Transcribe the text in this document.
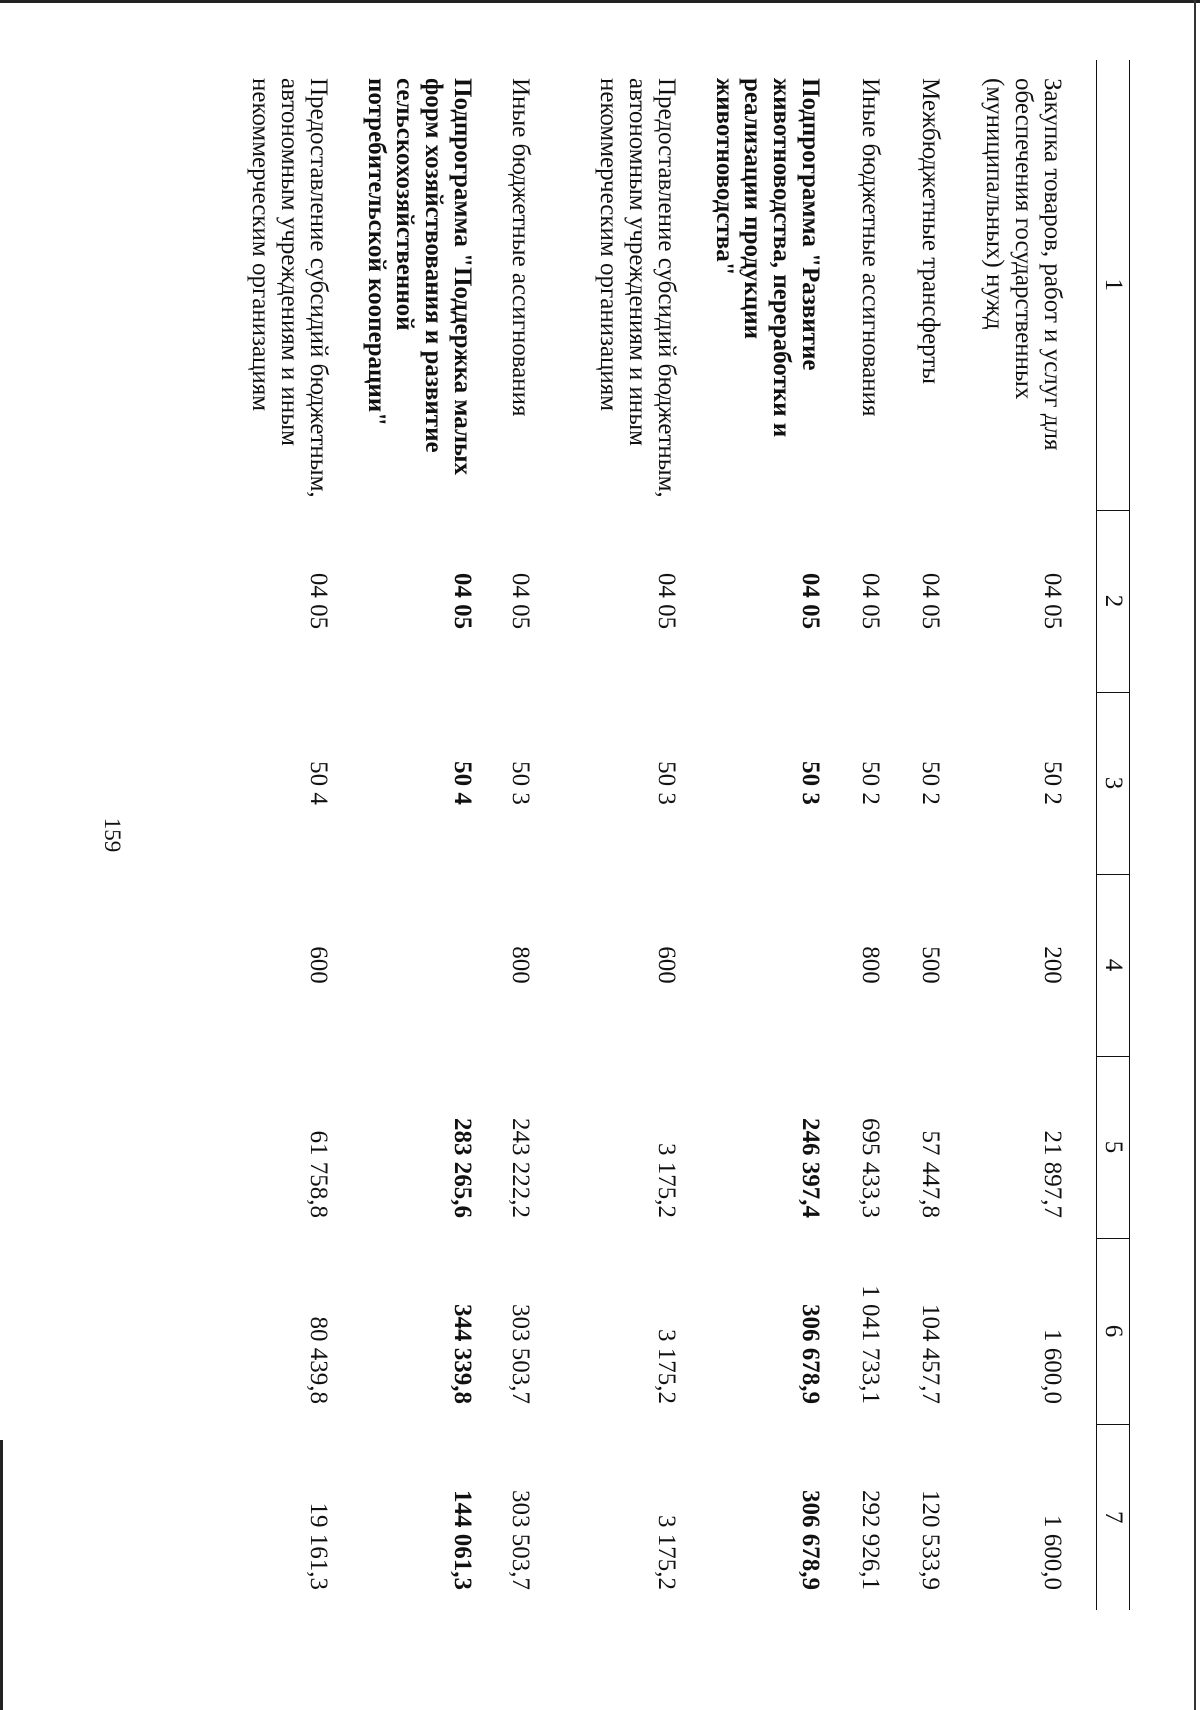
159
1	2	3	4	5	6	7
Закупка товаров, работ и услуг для обеспечения государственных (муниципальных) нужд	04 05	50 2	200	21 897,7	1 600,0	1 600,0
Межбюджетные трансферты	04 05	50 2	500	57 447,8	104 457,7	120 533,9
Иные бюджетные ассигнования	04 05	50 2	800	695 433,3	1 041 733,1	292 926,1
Подпрограмма "Развитие животноводства, переработки и реализации продукции животноводства"	04 05	50 3		246 397,4	306 678,9	306 678,9
Предоставление субсидий бюджетным, автономным учреждениям и иным некоммерческим организациям	04 05	50 3	600	3 175,2	3 175,2	3 175,2
Иные бюджетные ассигнования	04 05	50 3	800	243 222,2	303 503,7	303 503,7
Подпрограмма "Поддержка малых форм хозяйствования и развитие сельскохозяйственной потребительской кооперации"	04 05	50 4		283 265,6	344 339,8	144 061,3
Предоставление субсидий бюджетным, автономным учреждениям и иным некоммерческим организациям	04 05	50 4	600	61 758,8	80 439,8	19 161,3
